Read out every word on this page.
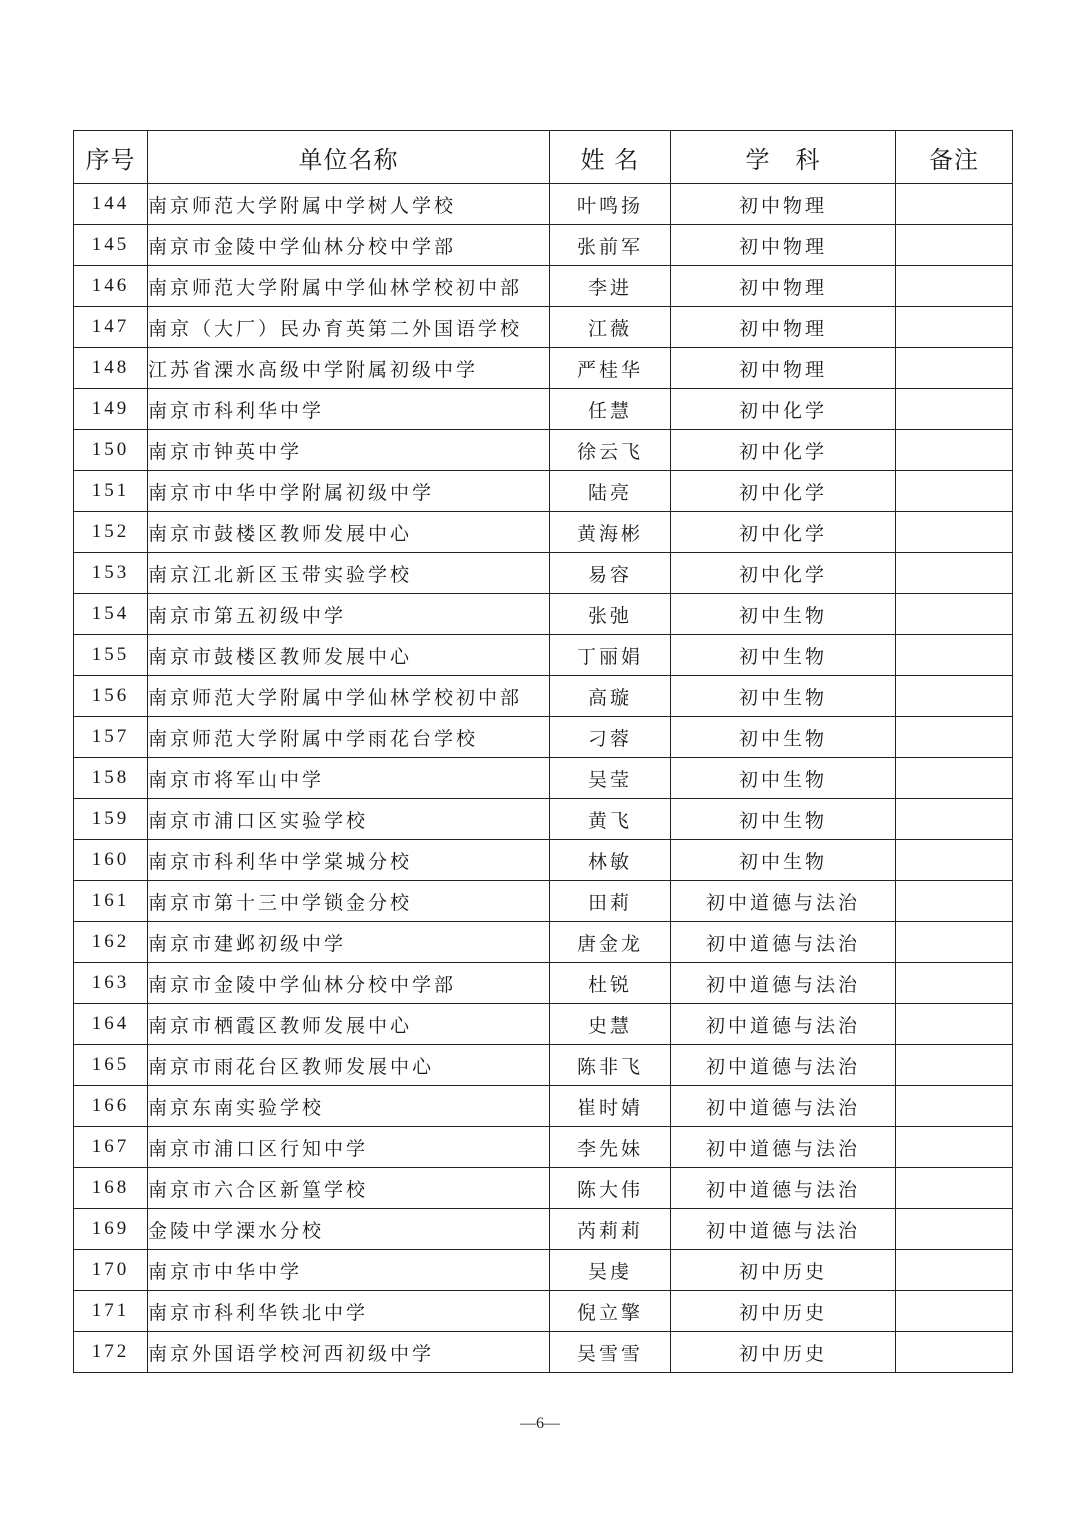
序号	单位名称	姓 名	学　科	备注
144	南京师范大学附属中学树人学校	叶鸣扬	初中物理	
145	南京市金陵中学仙林分校中学部	张前军	初中物理	
146	南京师范大学附属中学仙林学校初中部	李进	初中物理	
147	南京（大厂）民办育英第二外国语学校	江薇	初中物理	
148	江苏省溧水高级中学附属初级中学	严桂华	初中物理	
149	南京市科利华中学	任慧	初中化学	
150	南京市钟英中学	徐云飞	初中化学	
151	南京市中华中学附属初级中学	陆亮	初中化学	
152	南京市鼓楼区教师发展中心	黄海彬	初中化学	
153	南京江北新区玉带实验学校	易容	初中化学	
154	南京市第五初级中学	张弛	初中生物	
155	南京市鼓楼区教师发展中心	丁丽娟	初中生物	
156	南京师范大学附属中学仙林学校初中部	高璇	初中生物	
157	南京师范大学附属中学雨花台学校	刁蓉	初中生物	
158	南京市将军山中学	吴莹	初中生物	
159	南京市浦口区实验学校	黄飞	初中生物	
160	南京市科利华中学棠城分校	林敏	初中生物	
161	南京市第十三中学锁金分校	田莉	初中道德与法治	
162	南京市建邺初级中学	唐金龙	初中道德与法治	
163	南京市金陵中学仙林分校中学部	杜锐	初中道德与法治	
164	南京市栖霞区教师发展中心	史慧	初中道德与法治	
165	南京市雨花台区教师发展中心	陈非飞	初中道德与法治	
166	南京东南实验学校	崔时婧	初中道德与法治	
167	南京市浦口区行知中学	李先妹	初中道德与法治	
168	南京市六合区新篁学校	陈大伟	初中道德与法治	
169	金陵中学溧水分校	芮莉莉	初中道德与法治	
170	南京市中华中学	吴虔	初中历史	
171	南京市科利华铁北中学	倪立擎	初中历史	
172	南京外国语学校河西初级中学	吴雪雪	初中历史	
—6—
